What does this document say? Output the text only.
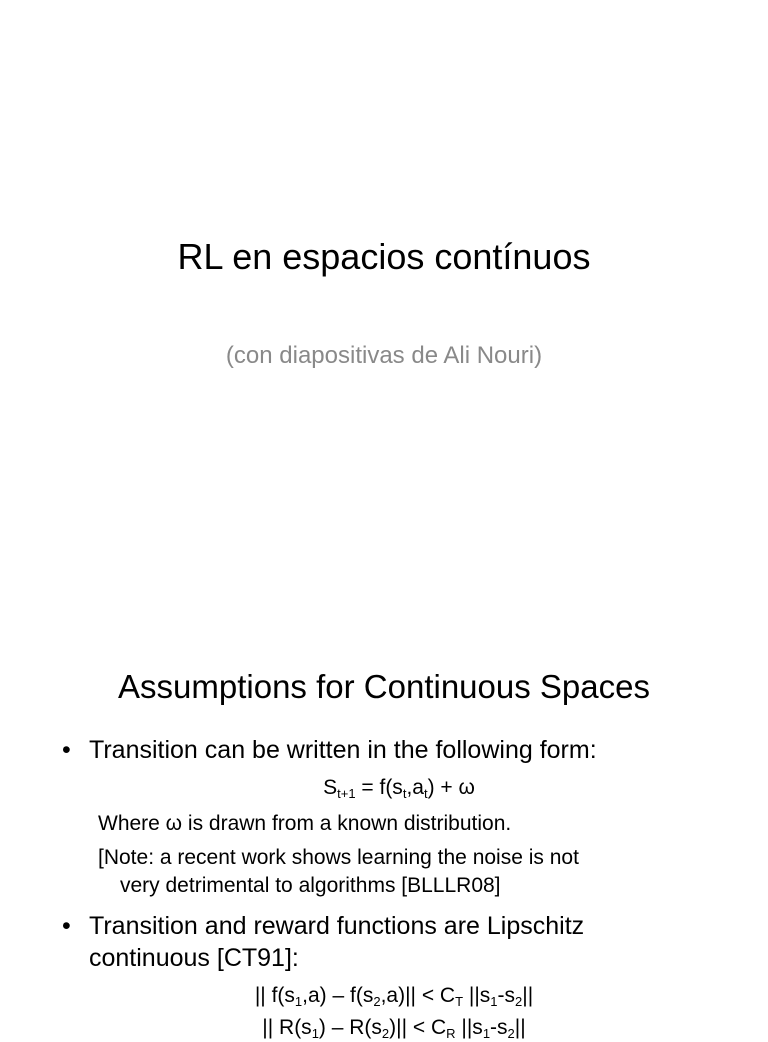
RL en espacios contínuos
(con diapositivas de Ali Nouri)
Assumptions for Continuous Spaces
• Transition can be written in the following form:
$S_{t+1} = f(s_t,a_t) + \omega$
Where ω is drawn from a known distribution.
[Note: a recent work shows learning the noise is not
very detrimental to algorithms [BLLLR08]
• Transition and reward functions are Lipschitz
continuous [CT91]:
|| $f(s_1,a) - f(s_2,a)|| < C_T$ $||s_1-s_2||$
|| $R(s_1) - R(s_2)|| < C_R$ $||s_1-s_2||$
